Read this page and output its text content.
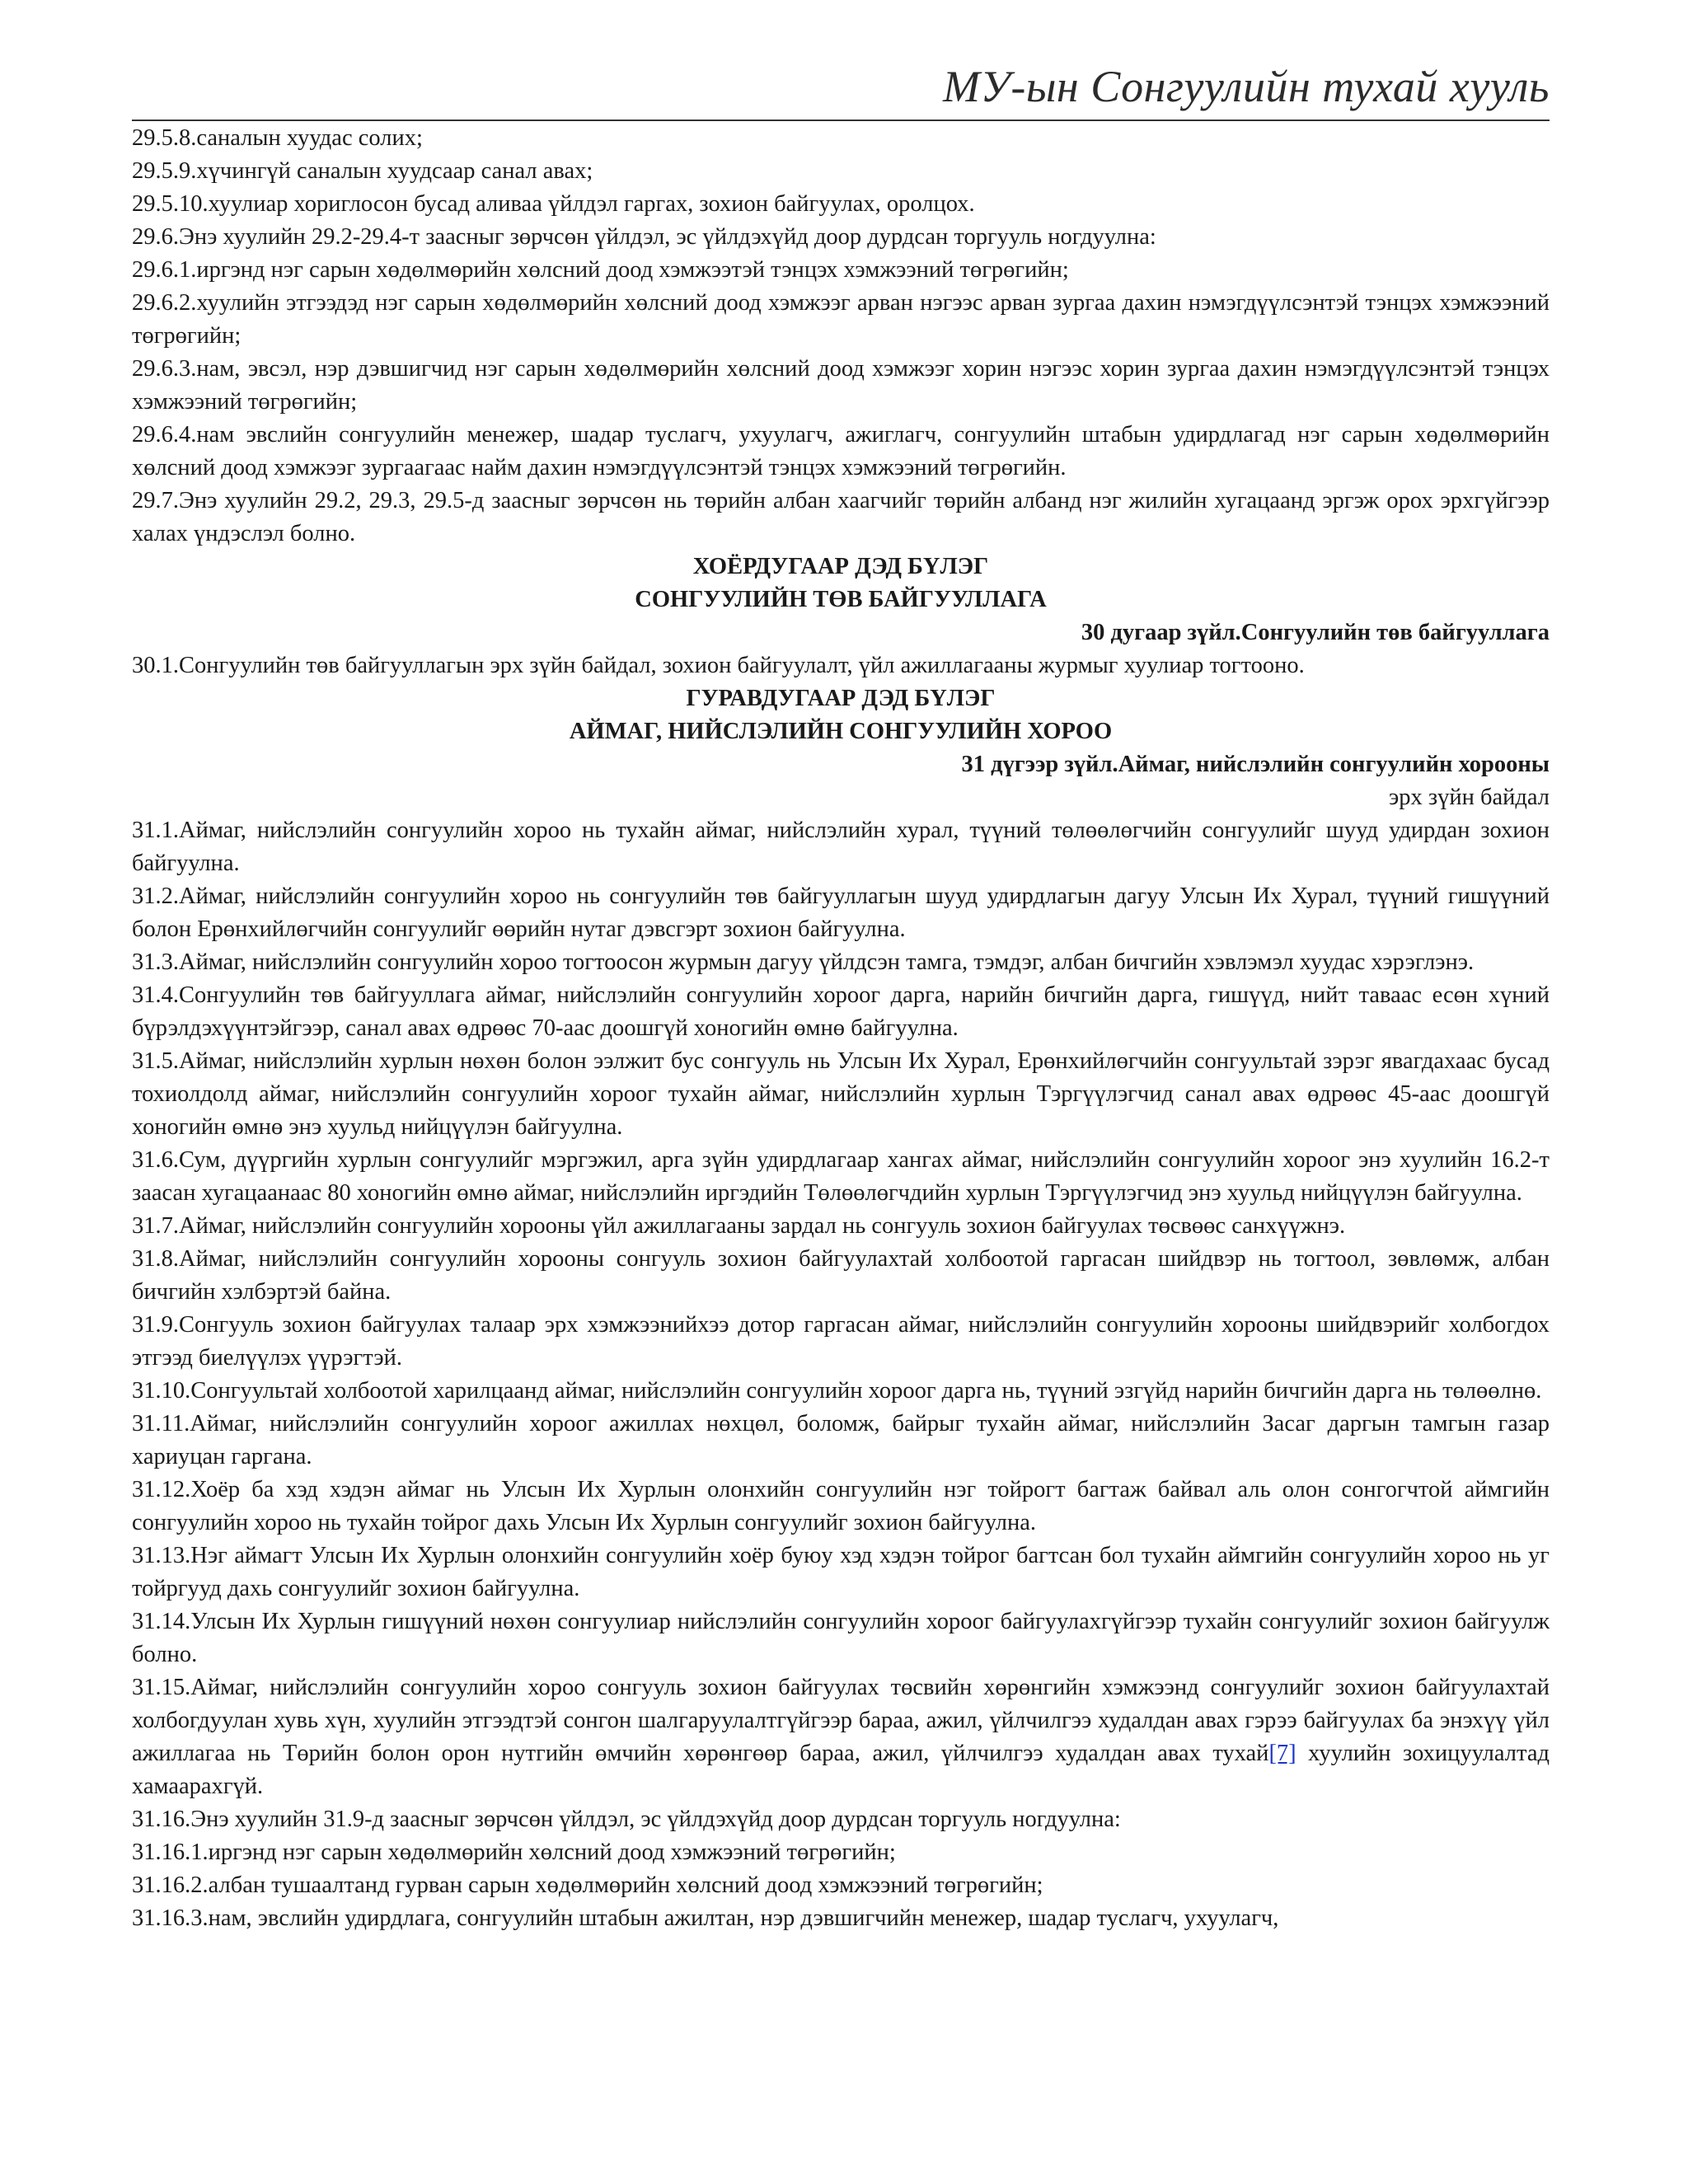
МУ-ын Сонгуулийн тухай хууль

29.5.8.саналын хуудас солих;

29.5.9.хүчингүй саналын хуудсаар санал авах;

29.5.10.хуулиар хориглосон бусад аливаа үйлдэл гаргах, зохион байгуулах, оролцох.

29.6.Энэ хуулийн 29.2-29.4-т заасныг зөрчсөн үйлдэл, эс үйлдэхүйд доор дурдсан торгууль ногдуулна:

29.6.1.иргэнд нэг сарын хөдөлмөрийн хөлсний доод хэмжээтэй тэнцэх хэмжээний төгрөгийн;

29.6.2.хуулийн этгээдэд нэг сарын хөдөлмөрийн хөлсний доод хэмжээг арван нэгээс арван зургаа дахин нэмэгдүүлсэнтэй тэнцэх хэмжээний төгрөгийн;

29.6.3.нам, эвсэл, нэр дэвшигчид нэг сарын хөдөлмөрийн хөлсний доод хэмжээг хорин нэгээс хорин зургаа дахин нэмэгдүүлсэнтэй тэнцэх хэмжээний төгрөгийн;

29.6.4.нам эвслийн сонгуулийн менежер, шадар туслагч, ухуулагч, ажиглагч, сонгуулийн штабын удирдлагад нэг сарын хөдөлмөрийн хөлсний доод хэмжээг зургаагаас найм дахин нэмэгдүүлсэнтэй тэнцэх хэмжээний төгрөгийн.

29.7.Энэ хуулийн 29.2, 29.3, 29.5-д заасныг зөрчсөн нь төрийн албан хаагчийг төрийн албанд нэг жилийн хугацаанд эргэж орох эрхгүйгээр халах үндэслэл болно.

ХОЁРДУГААР ДЭД БҮЛЭГ

СОНГУУЛИЙН ТӨВ БАЙГУУЛЛАГА

30 дугаар зүйл.Сонгуулийн төв байгууллага

30.1.Сонгуулийн төв байгууллагын эрх зүйн байдал, зохион байгуулалт, үйл ажиллагааны журмыг хуулиар тогтооно.

ГУРАВДУГААР ДЭД БҮЛЭГ

АЙМАГ, НИЙСЛЭЛИЙН СОНГУУЛИЙН ХОРОО

31 дүгээр зүйл.Аймаг, нийслэлийн сонгуулийн хорооны

эрх зүйн байдал

31.1.Аймаг, нийслэлийн сонгуулийн хороо нь тухайн аймаг, нийслэлийн хурал, түүний төлөөлөгчийн сонгуулийг шууд удирдан зохион байгуулна.

31.2.Аймаг, нийслэлийн сонгуулийн хороо нь сонгуулийн төв байгууллагын шууд удирдлагын дагуу Улсын Их Хурал, түүний гишүүний болон Ерөнхийлөгчийн сонгуулийг өөрийн нутаг дэвсгэрт зохион байгуулна.

31.3.Аймаг, нийслэлийн сонгуулийн хороо тогтоосон журмын дагуу үйлдсэн тамга, тэмдэг, албан бичгийн хэвлэмэл хуудас хэрэглэнэ.

31.4.Сонгуулийн төв байгууллага аймаг, нийслэлийн сонгуулийн хороог дарга, нарийн бичгийн дарга, гишүүд, нийт таваас есөн хүний бүрэлдэхүүнтэйгээр, санал авах өдрөөс 70-аас доошгүй хоногийн өмнө байгуулна.

31.5.Аймаг, нийслэлийн хурлын нөхөн болон ээлжит бус сонгууль нь Улсын Их Хурал, Ерөнхийлөгчийн сонгуультай зэрэг явагдахаас бусад тохиолдолд аймаг, нийслэлийн сонгуулийн хороог тухайн аймаг, нийслэлийн хурлын Тэргүүлэгчид санал авах өдрөөс 45-аас доошгүй хоногийн өмнө энэ хуульд нийцүүлэн байгуулна.

31.6.Сум, дүүргийн хурлын сонгуулийг мэргэжил, арга зүйн удирдлагаар хангах аймаг, нийслэлийн сонгуулийн хороог энэ хуулийн 16.2-т заасан хугацаанаас 80 хоногийн өмнө аймаг, нийслэлийн иргэдийн Төлөөлөгчдийн хурлын Тэргүүлэгчид энэ хуульд нийцүүлэн байгуулна.

31.7.Аймаг, нийслэлийн сонгуулийн хорооны үйл ажиллагааны зардал нь сонгууль зохион байгуулах төсвөөс санхүүжнэ.

31.8.Аймаг, нийслэлийн сонгуулийн хорооны сонгууль зохион байгуулахтай холбоотой гаргасан шийдвэр нь тогтоол, зөвлөмж, албан бичгийн хэлбэртэй байна.

31.9.Сонгууль зохион байгуулах талаар эрх хэмжээнийхээ дотор гаргасан аймаг, нийслэлийн сонгуулийн хорооны шийдвэрийг холбогдох этгээд биелүүлэх үүрэгтэй.

31.10.Сонгуультай холбоотой харилцаанд аймаг, нийслэлийн сонгуулийн хороог дарга нь, түүний эзгүйд нарийн бичгийн дарга нь төлөөлнө.

31.11.Аймаг, нийслэлийн сонгуулийн хороог ажиллах нөхцөл, боломж, байрыг тухайн аймаг, нийслэлийн Засаг даргын тамгын газар хариуцан гаргана.

31.12.Хоёр ба хэд хэдэн аймаг нь Улсын Их Хурлын олонхийн сонгуулийн нэг тойрогт багтаж байвал аль олон сонгогчтой аймгийн сонгуулийн хороо нь тухайн тойрог дахь Улсын Их Хурлын сонгуулийг зохион байгуулна.

31.13.Нэг аймагт Улсын Их Хурлын олонхийн сонгуулийн хоёр буюу хэд хэдэн тойрог багтсан бол тухайн аймгийн сонгуулийн хороо нь уг тойргууд дахь сонгуулийг зохион байгуулна.

31.14.Улсын Их Хурлын гишүүний нөхөн сонгуулиар нийслэлийн сонгуулийн хороог байгуулахгүйгээр тухайн сонгуулийг зохион байгуулж болно.

31.15.Аймаг, нийслэлийн сонгуулийн хороо сонгууль зохион байгуулах төсвийн хөрөнгийн хэмжээнд сонгуулийг зохион байгуулахтай холбогдуулан хувь хүн, хуулийн этгээдтэй сонгон шалгаруулалтгүйгээр бараа, ажил, үйлчилгээ худалдан авах гэрээ байгуулах ба энэхүү үйл ажиллагаа нь Төрийн болон орон нутгийн өмчийн хөрөнгөөр бараа, ажил, үйлчилгээ худалдан авах тухай[7] хуулийн зохицуулалтад хамаарахгүй.

31.16.Энэ хуулийн 31.9-д заасныг зөрчсөн үйлдэл, эс үйлдэхүйд доор дурдсан торгууль ногдуулна:

31.16.1.иргэнд нэг сарын хөдөлмөрийн хөлсний доод хэмжээний төгрөгийн;

31.16.2.албан тушаалтанд гурван сарын хөдөлмөрийн хөлсний доод хэмжээний төгрөгийн;

31.16.3.нам, эвслийн удирдлага, сонгуулийн штабын ажилтан, нэр дэвшигчийн менежер, шадар туслагч, ухуулагч,
